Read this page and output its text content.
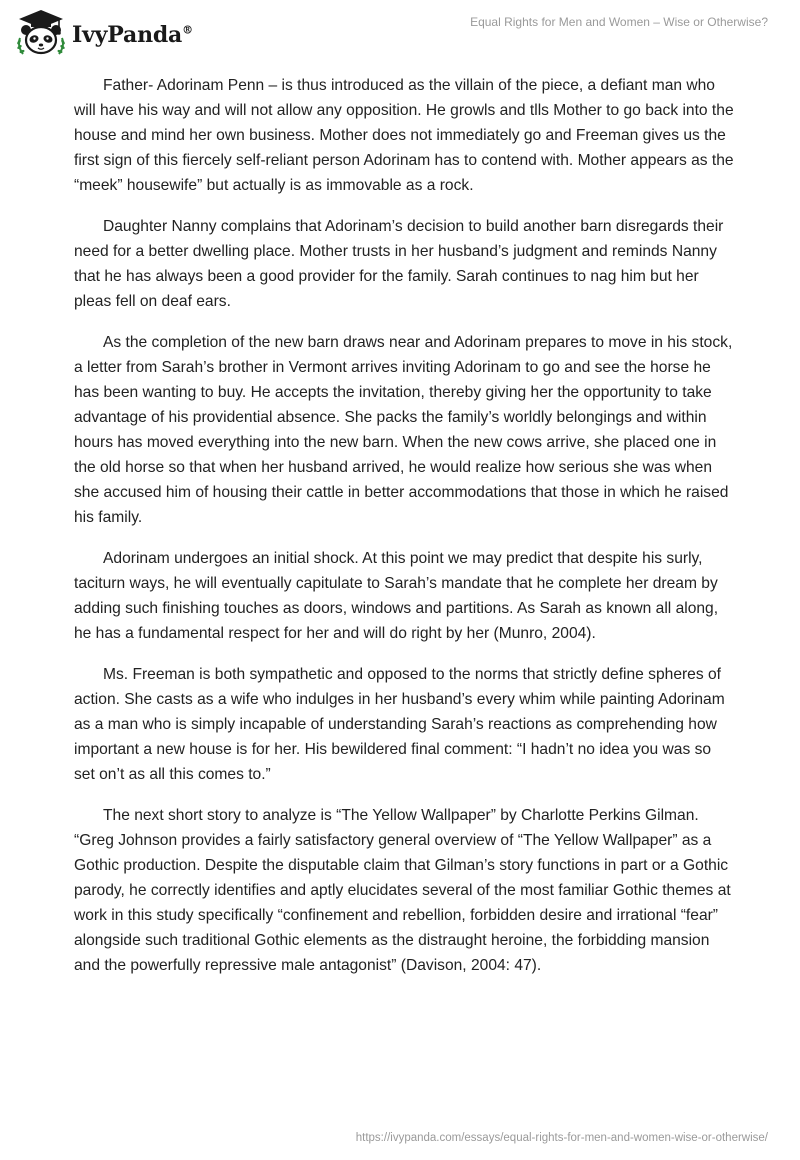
IvyPanda®
Equal Rights for Men and Women – Wise or Otherwise?

Father- Adorinam Penn – is thus introduced as the villain of the piece, a defiant man who will have his way and will not allow any opposition. He growls and tlls Mother to go back into the house and mind her own business. Mother does not immediately go and Freeman gives us the first sign of this fiercely self-reliant person Adorinam has to contend with. Mother appears as the “meek” housewife” but actually is as immovable as a rock.

Daughter Nanny complains that Adorinam’s decision to build another barn disregards their need for a better dwelling place. Mother trusts in her husband’s judgment and reminds Nanny that he has always been a good provider for the family. Sarah continues to nag him but her pleas fell on deaf ears.

As the completion of the new barn draws near and Adorinam prepares to move in his stock, a letter from Sarah’s brother in Vermont arrives inviting Adorinam to go and see the horse he has been wanting to buy. He accepts the invitation, thereby giving her the opportunity to take advantage of his providential absence. She packs the family’s worldly belongings and within hours has moved everything into the new barn. When the new cows arrive, she placed one in the old horse so that when her husband arrived, he would realize how serious she was when she accused him of housing their cattle in better accommodations that those in which he raised his family.

Adorinam undergoes an initial shock. At this point we may predict that despite his surly, taciturn ways, he will eventually capitulate to Sarah’s mandate that he complete her dream by adding such finishing touches as doors, windows and partitions. As Sarah as known all along, he has a fundamental respect for her and will do right by her (Munro, 2004).

Ms. Freeman is both sympathetic and opposed to the norms that strictly define spheres of action. She casts as a wife who indulges in her husband’s every whim while painting Adorinam as a man who is simply incapable of understanding Sarah’s reactions as comprehending how important a new house is for her. His bewildered final comment: “I hadn’t no idea you was so set on’t as all this comes to.”

The next short story to analyze is “The Yellow Wallpaper” by Charlotte Perkins Gilman. “Greg Johnson provides a fairly satisfactory general overview of “The Yellow Wallpaper” as a Gothic production. Despite the disputable claim that Gilman’s story functions in part or a Gothic parody, he correctly identifies and aptly elucidates several of the most familiar Gothic themes at work in this study specifically “confinement and rebellion, forbidden desire and irrational “fear” alongside such traditional Gothic elements as the distraught heroine, the forbidding mansion and the powerfully repressive male antagonist” (Davison, 2004: 47).

https://ivypanda.com/essays/equal-rights-for-men-and-women-wise-or-otherwise/
